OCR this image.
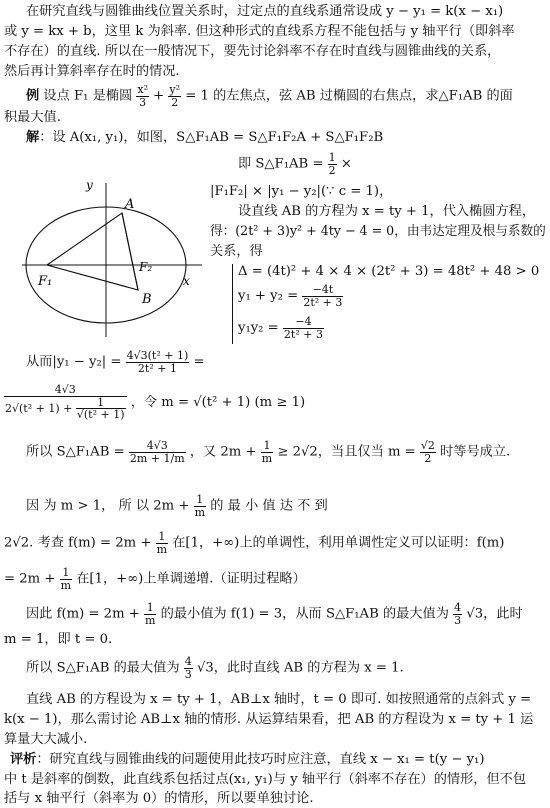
在研究直线与圆锥曲线位置关系时，过定点的直线系通常设成 y − y₁ = k(x − x₁)
或 y = kx + b，这里 k 为斜率. 但这种形式的直线系方程不能包括与 y 轴平行（即斜率
不存在）的直线. 所以在一般情况下，要先讨论斜率不存在时直线与圆锥曲线的关系，
然后再计算斜率存在时的情况.
例 设点 F₁ 是椭圆 $\frac{\text{x²}}{3} + \frac{\text{y²}}{2} = 1$ 的左焦点，弦 AB 过椭圆的右焦点，求△F₁AB 的面
积最大值.
解：设 A(x₁, y₁)，如图，S△F₁AB = S△F₁F₂A + S△F₁F₂B
即 S△F₁AB = $\frac{1}{2}$ ×
|F₁F₂| × |y₁ − y₂|(∵ c = 1)，
设直线 AB 的方程为 x = ty + 1，代入椭圆方程，
得：(2t² + 3)y² + 4ty − 4 = 0，由韦达定理及根与系数的
关系，得
Δ = (4t)² + 4 × 4 × (2t² + 3) = 48t² + 48 > 0
$y_1 + y_2 = \frac{-4t}{\text{2t² + 3}}$
$y_1y_2 = \frac{-4}{\text{2t² + 3}}$
y
x
A
B
F₁
F₂
从而$|y_1 - y_2| = \frac{\text{4√3(t² + 1)}}{\text{2t² + 1}}$ =
$\frac{4√3}{2√(t^2 + 1) + \frac{1}{\text{√(t² + 1)}}}$ ，令 m = √(t² + 1) (m ≥ 1)
所以 S△F₁AB = $\frac{4√3}{2m + 1/m}$ ，又 $2m + \frac{1}{m} \ge 2√2$，当且仅当 $m = \frac{√2}{2}$ 时等号成立.
因 为 m > 1， 所 以 $2m + \frac{1}{m}$ 的 最 小 值 达 不 到
2√2. 考查 $f(m) = 2m + \frac{1}{m}$ 在[1，+∞)上的单调性，利用单调性定义可以证明：f(m)
= $2m + \frac{1}{m}$ 在[1，+∞)上单调递增.（证明过程略）
因此 $f(m) = 2m + \frac{1}{m}$ 的最小值为 f(1) = 3，从而 S△F₁AB 的最大值为 $\frac{4}{3} √3$，此时
m = 1，即 t = 0.
所以 S△F₁AB 的最大值为 $\frac{4}{3} √3$，此时直线 AB 的方程为 x = 1.
直线 AB 的方程设为 x = ty + 1，AB⊥x 轴时，t = 0 即可. 如按照通常的点斜式 y =
k(x − 1)，那么需讨论 AB⊥x 轴的情形. 从运算结果看，把 AB 的方程设为 x = ty + 1 运
算量大大减小.
评析：研究直线与圆锥曲线的问题使用此技巧时应注意，直线 x − x₁ = t(y − y₁)
中 t 是斜率的倒数，此直线系包括过点(x₁, y₁)与 y 轴平行（斜率不存在）的情形，但不包
括与 x 轴平行（斜率为 0）的情形，所以要单独讨论.
